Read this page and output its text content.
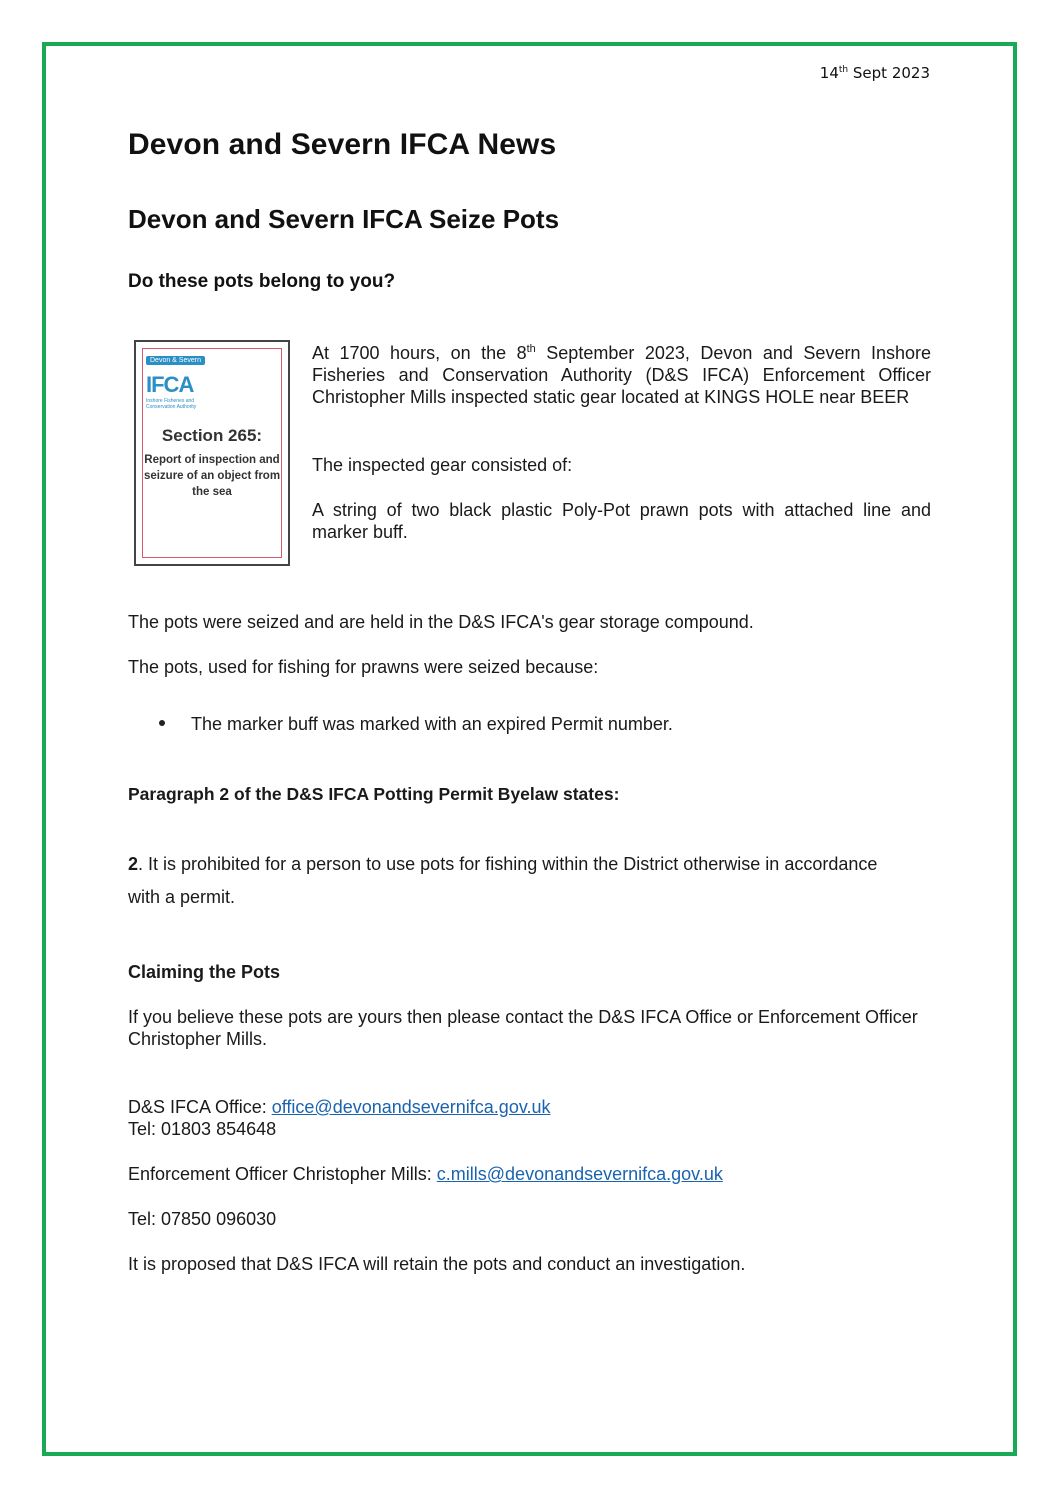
14th Sept 2023
Devon and Severn IFCA News
Devon and Severn IFCA Seize Pots
Do these pots belong to you?
Devon & Severn
IFCA
Inshore Fisheries and Conservation Authority
Section 265:
Report of inspection and seizure of an object from the sea
At 1700 hours, on the 8th September 2023, Devon and Severn Inshore Fisheries and Conservation Authority (D&S IFCA) Enforcement Officer Christopher Mills inspected static gear located at KINGS HOLE near BEER
The inspected gear consisted of:
A string of two black plastic Poly-Pot prawn pots with attached line and marker buff.
The pots were seized and are held in the D&S IFCA's gear storage compound.
The pots, used for fishing for prawns were seized because:
The marker buff was marked with an expired Permit number.
Paragraph 2 of the D&S IFCA Potting Permit Byelaw states:
2. It is prohibited for a person to use pots for fishing within the District otherwise in accordance with a permit.
Claiming the Pots
If you believe these pots are yours then please contact the D&S IFCA Office or Enforcement Officer Christopher Mills.
D&S IFCA Office: office@devonandsevernifca.gov.uk
Tel: 01803 854648
Enforcement Officer Christopher Mills: c.mills@devonandsevernifca.gov.uk
Tel: 07850 096030
It is proposed that D&S IFCA will retain the pots and conduct an investigation.
